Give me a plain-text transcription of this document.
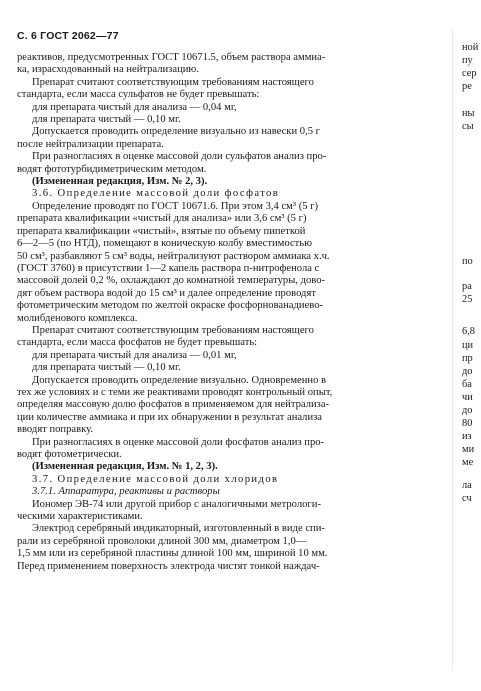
С. 6 ГОСТ 2062—77

реактивов, предусмотренных ГОСТ 10671.5, объем раствора аммиа-

ка, израсходованный на нейтрализацию.

Препарат считают соответствующим требованиям настоящего

стандарта, если масса сульфатов не будет превышать:

для препарата чистый для анализа — 0,04 мг,

для препарата чистый — 0,10 мг.

Допускается проводить определение визуально из навески 0,5 г

после нейтрализации препарата.

При разногласиях в оценке массовой доли сульфатов анализ про-

водят фототурбидиметрическим методом.

(Измененная редакция, Изм. № 2, 3).

3.6. Определение массовой доли фосфатов

Определение проводят по ГОСТ 10671.6. При этом 3,4 см³ (5 г)

препарата квалификации «чистый для анализа» или 3,6 см³ (5 г)

препарата квалификации «чистый», взятые по объему пипеткой

6—2—5 (по НТД), помещают в коническую колбу вместимостью

50 см³, разбавляют 5 см³ воды, нейтрализуют раствором аммиака х.ч.

(ГОСТ 3760) в присутствии 1—2 капель раствора п-нитрофенола с

массовой долей 0,2 %, охлаждают до комнатной температуры, дово-

дят объем раствора водой до 15 см³ и далее определение проводят

фотометрическим методом по желтой окраске фосфорнованадиево-

молибденового комплекса.

Препарат считают соответствующим требованиям настоящего

стандарта, если масса фосфатов не будет превышать:

для препарата чистый для анализа — 0,01 мг,

для препарата чистый — 0,10 мг.

Допускается проводить определение визуально. Одновременно в

тех же условиях и с теми же реактивами проводят контрольный опыт,

определяя массовую долю фосфатов в применяемом для нейтрализа-

ции количестве аммиака и при их обнаружении в результат анализа

вводят поправку.

При разногласиях в оценке массовой доли фосфатов анализ про-

водят фотометрически.

(Измененная редакция, Изм. № 1, 2, 3).

3.7. Определение массовой доли хлоридов

3.7.1. Аппаратура, реактивы и растворы

Иономер ЭВ-74 или другой прибор с аналогичными метрологи-

ческими характеристиками.

Электрод серебряный индикаторный, изготовленный в виде спи-

рали из серебряной проволоки длиной 300 мм, диаметром 1,0—

1,5 мм или из серебряной пластины длиной 100 мм, шириной 10 мм.

Перед применением поверхность электрода чистят тонкой наждач-

ной
пу
сер
ре
ны
сы
по
ра
25
6,8
ци
пр
до
ба
чи
до
80
из
ми
ме
ла
сч
